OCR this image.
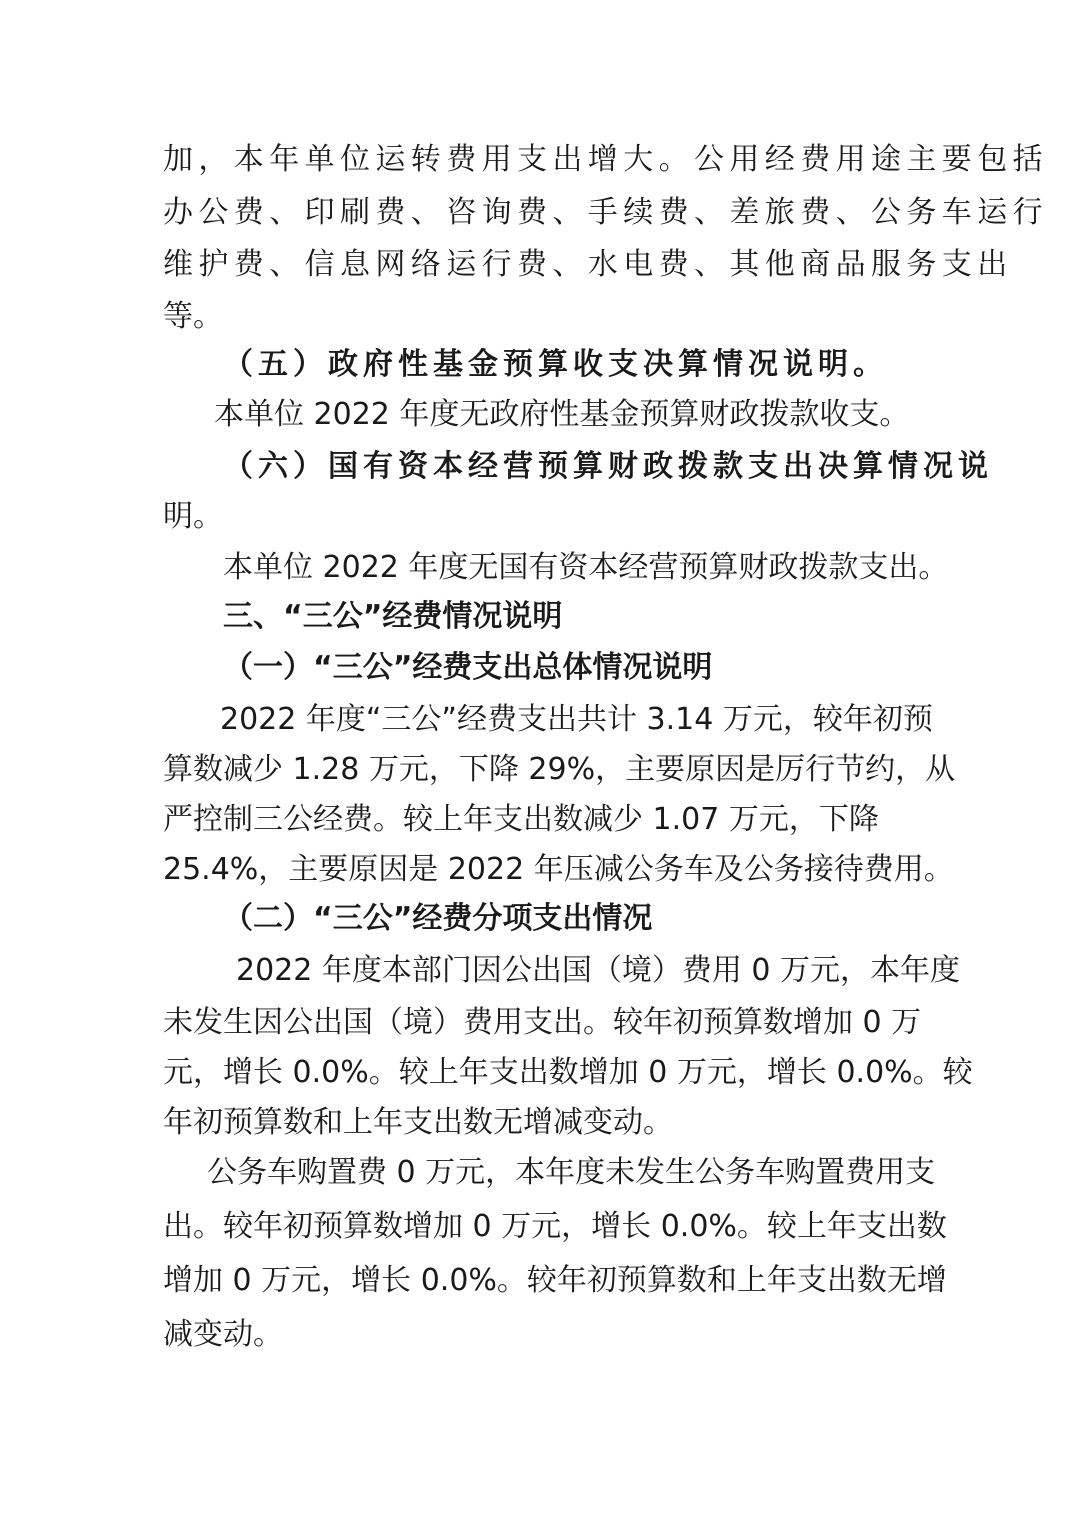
加，本年单位运转费用支出增大。公用经费用途主要包括
办公费、印刷费、咨询费、手续费、差旅费、公务车运行
维护费、信息网络运行费、水电费、其他商品服务支出
等。
（五）政府性基金预算收支决算情况说明。
本单位 2022 年度无政府性基金预算财政拨款收支。
（六）国有资本经营预算财政拨款支出决算情况说
明。
本单位 2022 年度无国有资本经营预算财政拨款支出。
三、“三公”经费情况说明
（一）“三公”经费支出总体情况说明
2022 年度“三公”经费支出共计 3.14 万元，较年初预
算数减少 1.28 万元，下降 29%，主要原因是厉行节约，从
严控制三公经费。较上年支出数减少 1.07 万元，下降
25.4%，主要原因是 2022 年压减公务车及公务接待费用。
（二）“三公”经费分项支出情况
2022 年度本部门因公出国（境）费用 0 万元，本年度
未发生因公出国（境）费用支出。较年初预算数增加 0 万
元，增长 0.0%。较上年支出数增加 0 万元，增长 0.0%。较
年初预算数和上年支出数无增减变动。
公务车购置费 0 万元，本年度未发生公务车购置费用支
出。较年初预算数增加 0 万元，增长 0.0%。较上年支出数
增加 0 万元，增长 0.0%。较年初预算数和上年支出数无增
减变动。
